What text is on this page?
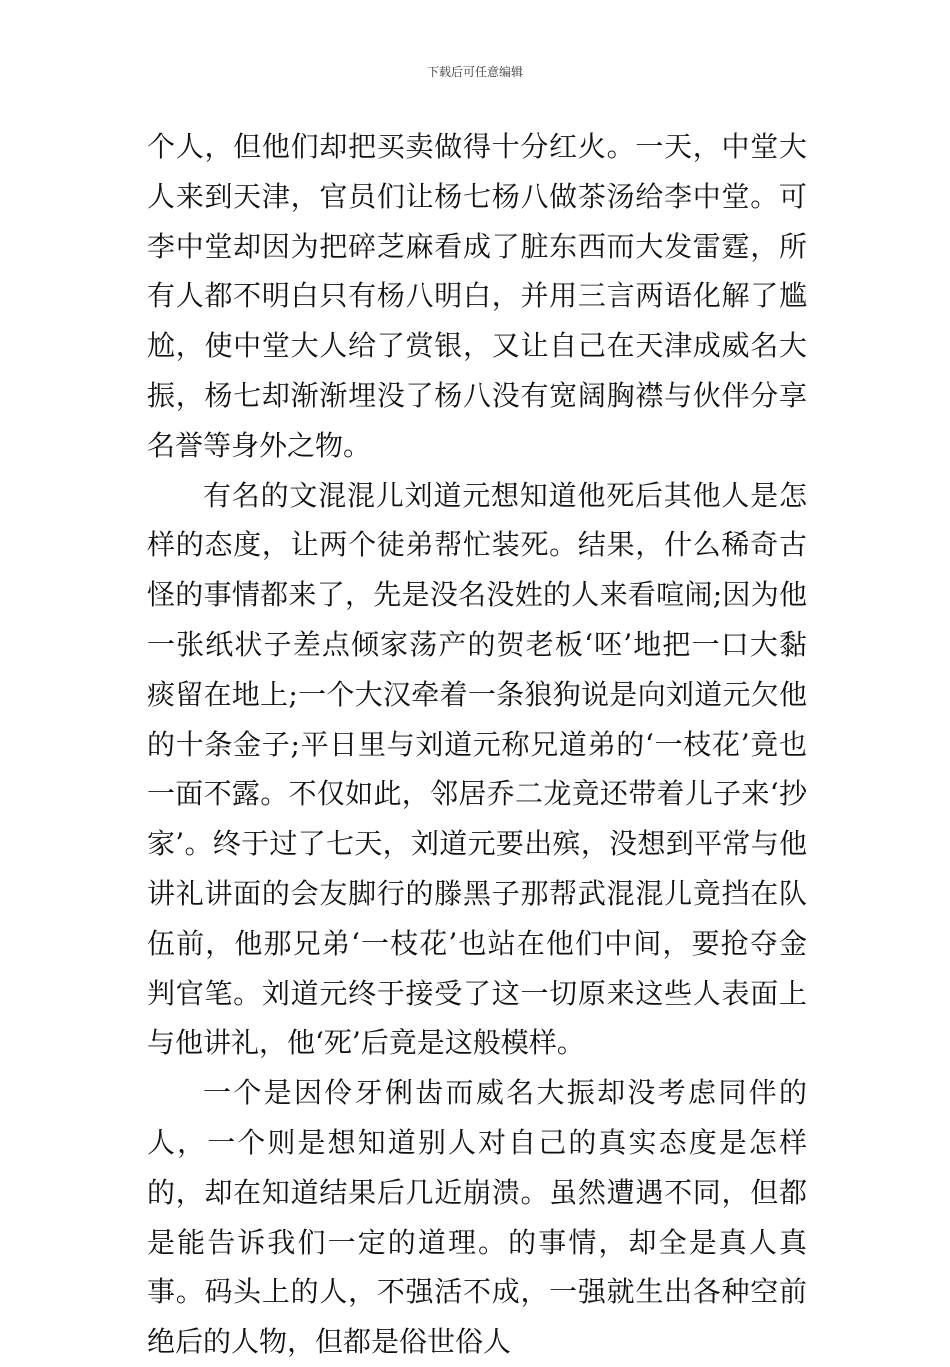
下载后可任意编辑

个人，但他们却把买卖做得十分红火。一天，中堂大人来到天津，官员们让杨七杨八做茶汤给李中堂。可李中堂却因为把碎芝麻看成了脏东西而大发雷霆，所有人都不明白只有杨八明白，并用三言两语化解了尴尬，使中堂大人给了赏银，又让自己在天津成威名大振，杨七却渐渐埋没了杨八没有宽阔胸襟与伙伴分享名誉等身外之物。

有名的文混混儿刘道元想知道他死后其他人是怎样的态度，让两个徒弟帮忙装死。结果，什么稀奇古怪的事情都来了，先是没名没姓的人来看喧闹;因为他一张纸状子差点倾家荡产的贺老板‘呸’地把一口大黏痰留在地上;一个大汉牵着一条狼狗说是向刘道元欠他的十条金子;平日里与刘道元称兄道弟的‘一枝花’竟也一面不露。不仅如此，邻居乔二龙竟还带着儿子来‘抄家’。终于过了七天，刘道元要出殡，没想到平常与他讲礼讲面的会友脚行的滕黑子那帮武混混儿竟挡在队伍前，他那兄弟‘一枝花’也站在他们中间，要抢夺金判官笔。刘道元终于接受了这一切原来这些人表面上与他讲礼，他‘死’后竟是这般模样。

一个是因伶牙俐齿而威名大振却没考虑同伴的人，一个则是想知道别人对自己的真实态度是怎样的，却在知道结果后几近崩溃。虽然遭遇不同，但都是能告诉我们一定的道理。的事情，却全是真人真事。码头上的人，不强活不成，一强就生出各种空前绝后的人物，但都是俗世俗人
